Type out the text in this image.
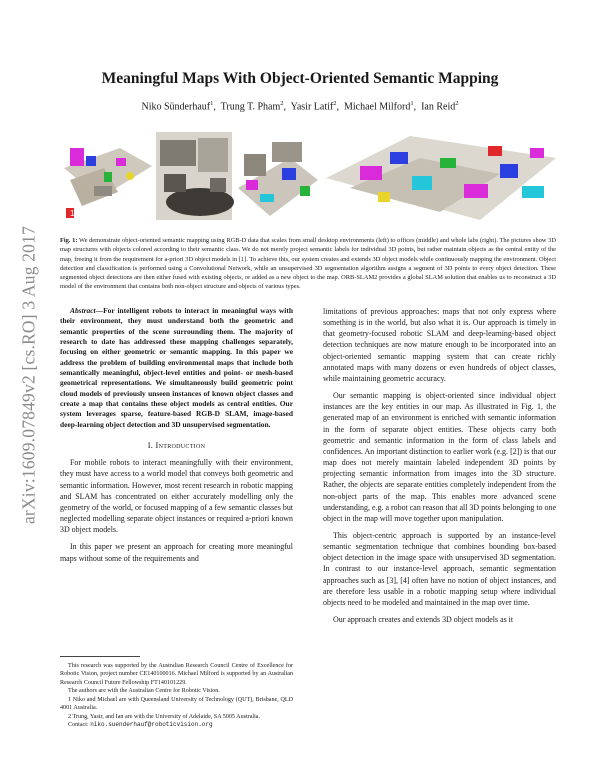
arXiv:1609.07849v2 [cs.RO] 3 Aug 2017
Meaningful Maps With Object-Oriented Semantic Mapping
Niko Sünderhauf$^1$,  Trung T. Pham$^2$,  Yasir Latif$^2$,  Michael Milford$^1$,  Ian Reid$^2$
1
Fig. 1: We demonstrate object-oriented semantic mapping using RGB-D data that scales from small desktop environments (left) to offices (middle) and whole labs (right). The pictures show 3D map structures with objects colored according to their semantic class. We do not merely project semantic labels for individual 3D points, but rather maintain objects as the central entity of the map, freeing it from the requirement for a-priori 3D object models in [1]. To achieve this, our system creates and extends 3D object models while continuously mapping the environment. Object detection and classification is performed using a Convolutional Network, while an unsupervised 3D segmentation algorithm assigns a segment of 3D points to every object detection. These segmented object detections are then either fused with existing objects, or added as a new object to the map. ORB-SLAM2 provides a global SLAM solution that enables us to reconstruct a 3D model of the environment that contains both non-object structure and objects of various types.

Abstract—For intelligent robots to interact in meaningful ways with their environment, they must understand both the geometric and semantic properties of the scene surrounding them. The majority of research to date has addressed these mapping challenges separately, focusing on either geometric or semantic mapping. In this paper we address the problem of building environmental maps that include both semantically meaningful, object-level entities and point- or mesh-based geometrical representations. We simultaneously build geometric point cloud models of previously unseen instances of known object classes and create a map that contains these object models as central entities. Our system leverages sparse, feature-based RGB-D SLAM, image-based deep-learning object detection and 3D unsupervised segmentation.

I. Introduction

For mobile robots to interact meaningfully with their environment, they must have access to a world model that conveys both geometric and semantic information. However, most recent research in robotic mapping and SLAM has concentrated on either accurately modelling only the geometry of the world, or focused mapping of a few semantic classes but neglected modelling separate object instances or required a-priori known 3D object models.

In this paper we present an approach for creating more meaningful maps without some of the requirements and

limitations of previous approaches: maps that not only express where something is in the world, but also what it is. Our approach is timely in that geometry-focused robotic SLAM and deep-learning-based object detection techniques are now mature enough to be incorporated into an object-oriented semantic mapping system that can create richly annotated maps with many dozens or even hundreds of object classes, while maintaining geometric accuracy.

Our semantic mapping is object-oriented since individual object instances are the key entities in our map. As illustrated in Fig. 1, the generated map of an environment is enriched with semantic information in the form of separate object entities. These objects carry both geometric and semantic information in the form of class labels and confidences. An important distinction to earlier work (e.g. [2]) is that our map does not merely maintain labeled independent 3D points by projecting semantic information from images into the 3D structure. Rather, the objects are separate entities completely independent from the non-object parts of the map. This enables more advanced scene understanding, e.g. a robot can reason that all 3D points belonging to one object in the map will move together upon manipulation.

This object-centric approach is supported by an instance-level semantic segmentation technique that combines bounding box-based object detection in the image space with unsupervised 3D segmentation. In contrast to our instance-level approach, semantic segmentation approaches such as [3], [4] often have no notion of object instances, and are therefore less usable in a robotic mapping setup where individual objects need to be modeled and maintained in the map over time.

Our approach creates and extends 3D object models as it

This research was supported by the Australian Research Council Centre of Excellence for Robotic Vision, project number CE140100016. Michael Milford is supported by an Australian Research Council Future Fellowship FT140101229.

The authors are with the Australian Centre for Robotic Vision.

1 Niko and Michael are with Queensland University of Technology (QUT), Brisbane, QLD 4001 Australia.

2 Trung, Yasir, and Ian are with the University of Adelaide, SA 5005 Australia.

Contact: niko.suenderhauf@roboticvision.org
